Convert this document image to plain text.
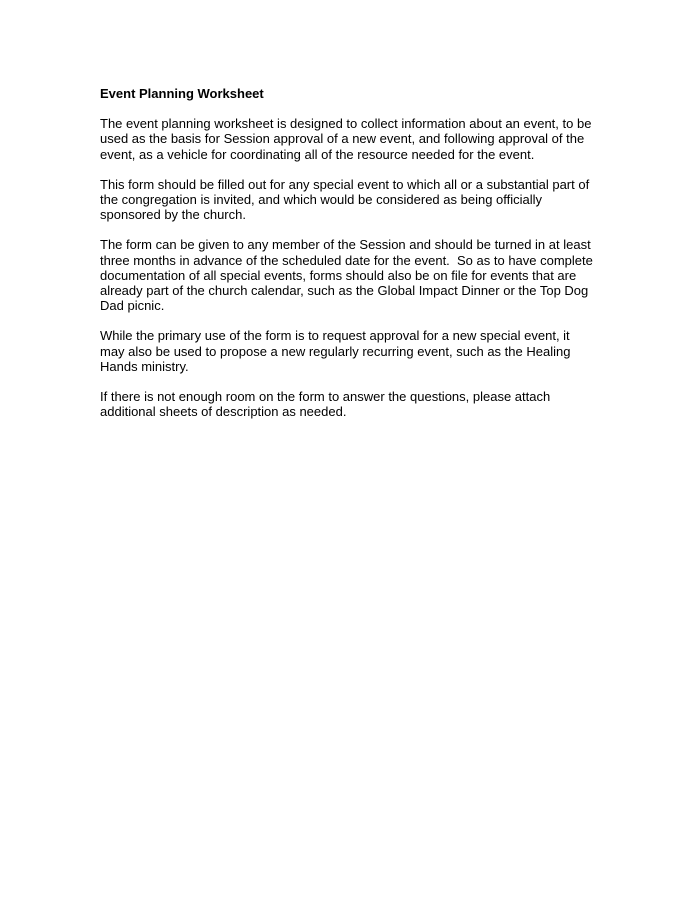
Event Planning Worksheet

The event planning worksheet is designed to collect information about an event, to be used as the basis for Session approval of a new event, and following approval of the event, as a vehicle for coordinating all of the resource needed for the event.

This form should be filled out for any special event to which all or a substantial part of the congregation is invited, and which would be considered as being officially sponsored by the church.

The form can be given to any member of the Session and should be turned in at least three months in advance of the scheduled date for the event.  So as to have complete documentation of all special events, forms should also be on file for events that are already part of the church calendar, such as the Global Impact Dinner or the Top Dog Dad picnic.

While the primary use of the form is to request approval for a new special event, it may also be used to propose a new regularly recurring event, such as the Healing Hands ministry.

If there is not enough room on the form to answer the questions, please attach additional sheets of description as needed.
